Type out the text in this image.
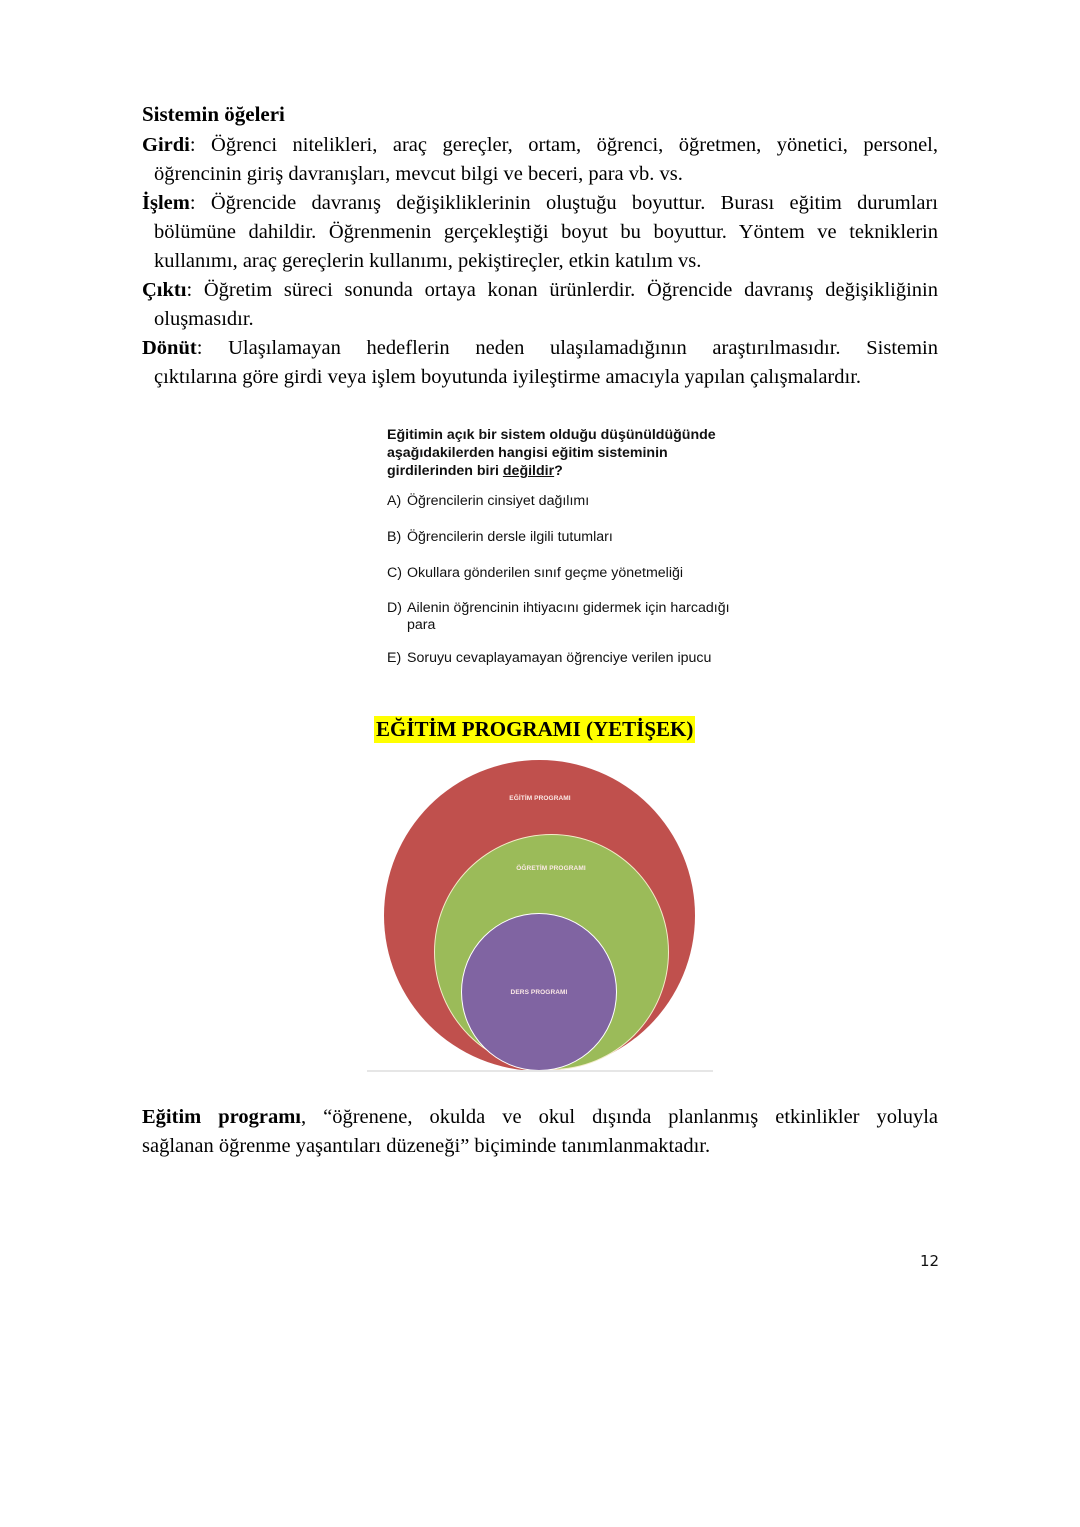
Sistemin öğeleri

Girdi: Öğrenci nitelikleri, araç gereçler, ortam, öğrenci, öğretmen, yönetici, personel,

öğrencinin giriş davranışları, mevcut bilgi ve beceri, para vb. vs.

İşlem: Öğrencide davranış değişikliklerinin oluştuğu boyuttur. Burası eğitim durumları

bölümüne dahildir. Öğrenmenin gerçekleştiği boyut bu boyuttur. Yöntem ve tekniklerin

kullanımı, araç gereçlerin kullanımı, pekiştireçler, etkin katılım vs.

Çıktı: Öğretim süreci sonunda ortaya konan ürünlerdir. Öğrencide davranış değişikliğinin

oluşmasıdır.

Dönüt: Ulaşılamayan hedeflerin neden ulaşılamadığının araştırılmasıdır. Sistemin

çıktılarına göre girdi veya işlem boyutunda iyileştirme amacıyla yapılan çalışmalardır.

Eğitimin açık bir sistem olduğu düşünüldüğünde
aşağıdakilerden hangisi eğitim sisteminin
girdilerinden biri değildir?

A) Öğrencilerin cinsiyet dağılımı

B) Öğrencilerin dersle ilgili tutumları

C) Okullara gönderilen sınıf geçme yönetmeliği

D) Ailenin öğrencinin ihtiyacını gidermek için harcadığı para

E) Soruyu cevaplayamayan öğrenciye verilen ipucu

EĞİTİM PROGRAMI (YETİŞEK)
EĞİTİM PROGRAMI
ÖĞRETİM PROGRAMI
DERS PROGRAMI

Eğitim programı, “öğrenene, okulda ve okul dışında planlanmış etkinlikler yoluyla

sağlanan öğrenme yaşantıları düzeneği” biçiminde tanımlanmaktadır.

12
